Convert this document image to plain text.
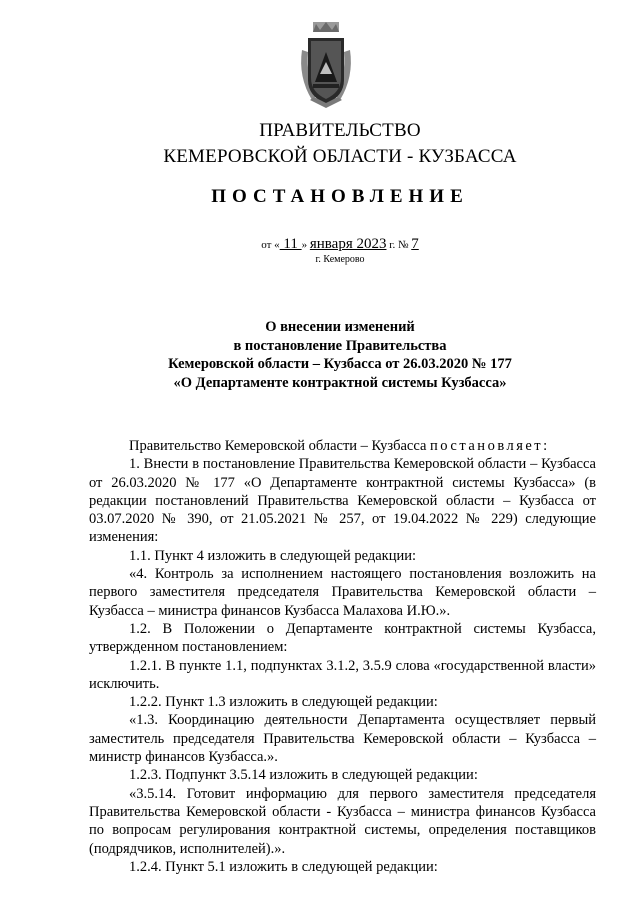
ПРАВИТЕЛЬСТВО
КЕМЕРОВСКОЙ ОБЛАСТИ - КУЗБАССА
ПОСТАНОВЛЕНИЕ
от « 11 » января 2023 г. № 7
г. Кемерово
О внесении изменений
в постановление Правительства
Кемеровской области – Кузбасса от 26.03.2020 № 177
«О Департаменте контрактной системы Кузбасса»

Правительство Кемеровской области – Кузбасса постановляет:

1. Внести в постановление Правительства Кемеровской области – Кузбасса от 26.03.2020 № 177 «О Департаменте контрактной системы Кузбасса» (в редакции постановлений Правительства Кемеровской области – Кузбасса от 03.07.2020 № 390, от 21.05.2021 № 257, от 19.04.2022 № 229) следующие изменения:

1.1. Пункт 4 изложить в следующей редакции:

«4. Контроль за исполнением настоящего постановления возложить на первого заместителя председателя Правительства Кемеровской области – Кузбасса – министра финансов Кузбасса Малахова И.Ю.».

1.2. В Положении о Департаменте контрактной системы Кузбасса, утвержденном постановлением:

1.2.1. В пункте 1.1, подпунктах 3.1.2, 3.5.9 слова «государственной власти» исключить.

1.2.2. Пункт 1.3 изложить в следующей редакции:

«1.3. Координацию деятельности Департамента осуществляет первый заместитель председателя Правительства Кемеровской области – Кузбасса – министр финансов Кузбасса.».

1.2.3. Подпункт 3.5.14 изложить в следующей редакции:

«3.5.14. Готовит информацию для первого заместителя председателя Правительства Кемеровской области - Кузбасса – министра финансов Кузбасса по вопросам регулирования контрактной системы, определения поставщиков (подрядчиков, исполнителей).».

1.2.4. Пункт 5.1 изложить в следующей редакции:
